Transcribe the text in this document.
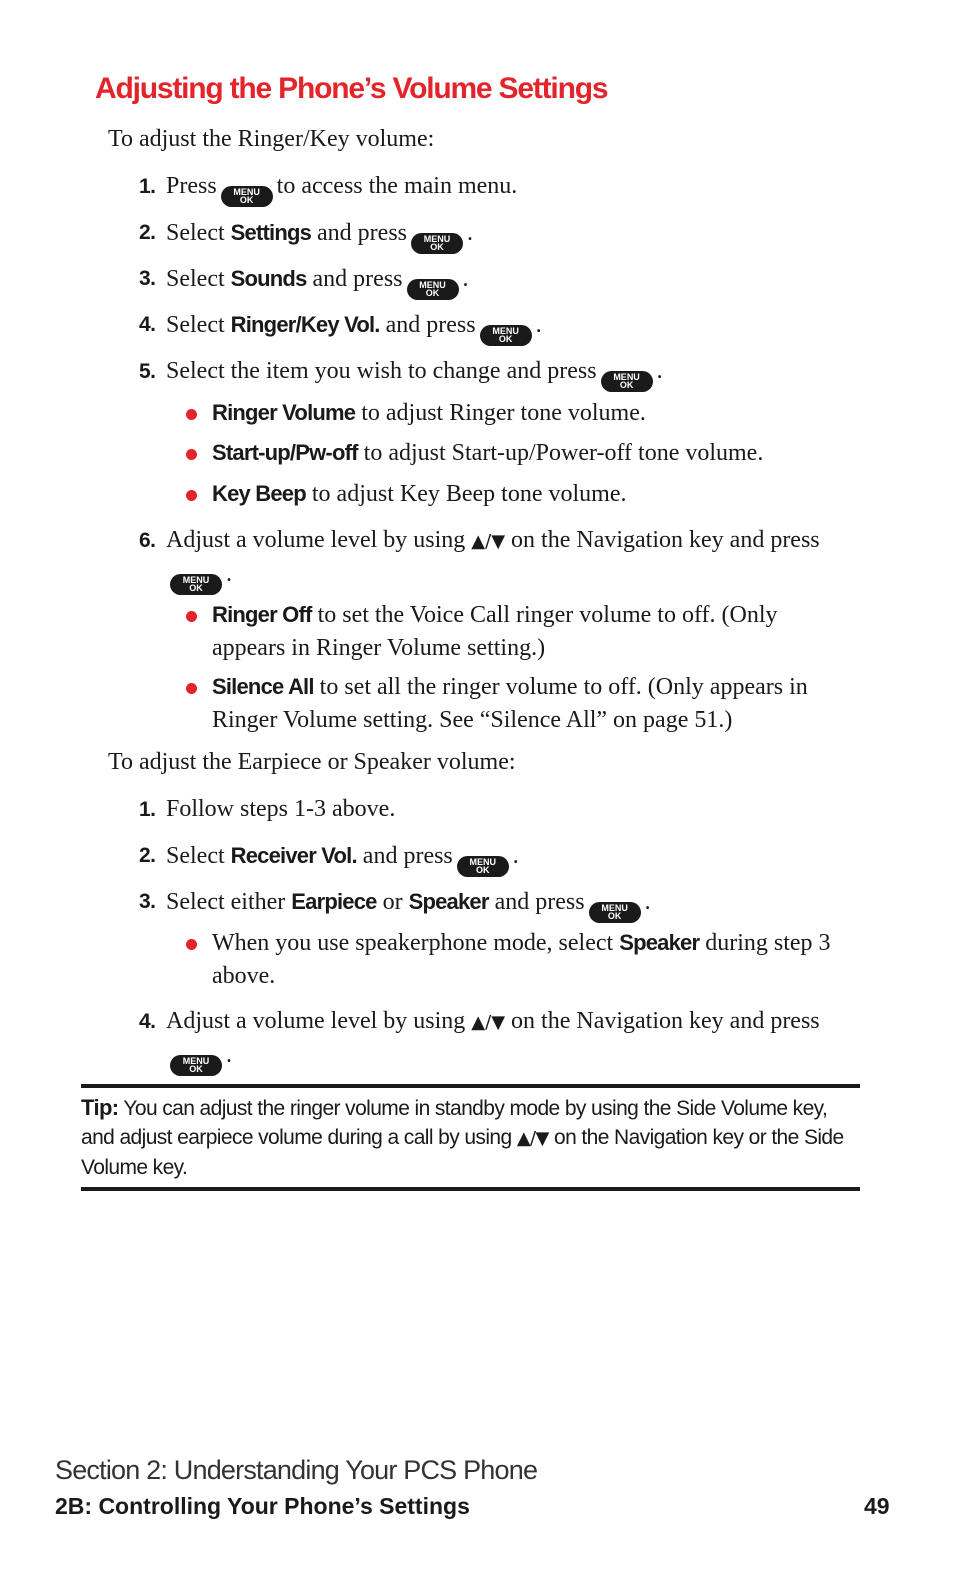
Adjusting the Phone’s Volume Settings
To adjust the Ringer/Key volume:
1. Press MENU
OK
to access the main menu.
2. Select Settings and press MENU
OK
.
3. Select Sounds and press MENU
OK
.
4. Select Ringer/Key Vol. and press MENU
OK
.
5. Select the item you wish to change and press MENU
OK
.
Ringer Volume to adjust Ringer tone volume.
Start-up/Pw-off to adjust Start-up/Power-off tone volume.
Key Beep to adjust Key Beep tone volume.
6. Adjust a volume level by using ▲/▼ on the Navigation key and press
MENU
OK
.
Ringer Off to set the Voice Call ringer volume to off. (Only appears in Ringer Volume setting.)
Silence All to set all the ringer volume to off. (Only appears in Ringer Volume setting. See “Silence All” on page 51.)
To adjust the Earpiece or Speaker volume:
1. Follow steps 1-3 above.
2. Select Receiver Vol. and press MENU
OK
.
3. Select either Earpiece or Speaker and press MENU
OK
.
When you use speakerphone mode, select Speaker during step 3 above.
4. Adjust a volume level by using ▲/▼ on the Navigation key and press
MENU
OK
.
Tip: You can adjust the ringer volume in standby mode by using the Side Volume key, and adjust earpiece volume during a call by using ▲/▼ on the Navigation key or the Side Volume key.
Section 2: Understanding Your PCS Phone
2B: Controlling Your Phone’s Settings	49
